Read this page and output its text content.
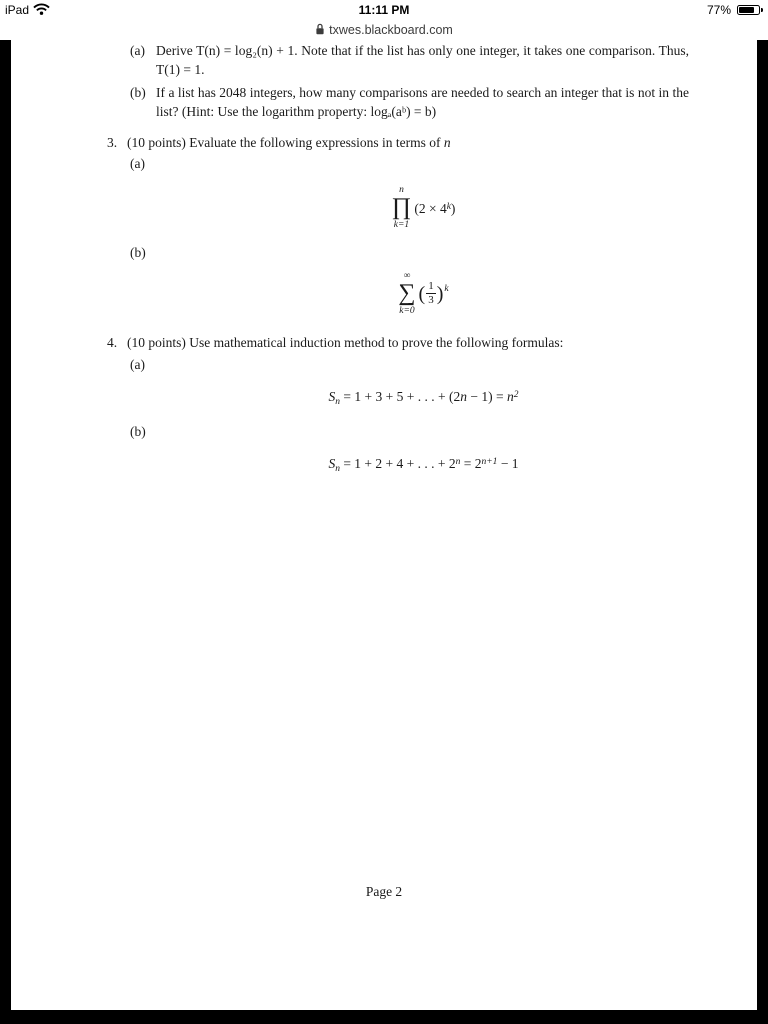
iPad	11:11 PM	77%
txwes.blackboard.com
(a) Derive T(n) = log₂(n) + 1. Note that if the list has only one integer, it takes one comparison. Thus, T(1) = 1.
(b) If a list has 2048 integers, how many comparisons are needed to search an integer that is not in the list? (Hint: Use the logarithm property: logₐ(aᵇ) = b)
3. (10 points) Evaluate the following expressions in terms of n
(a)
n
∏
k=1
$(2 \times 4^k)$
(b)
∞
∑
k=0
( $\frac{1}{3}$ ) k
4. (10 points) Use mathematical induction method to prove the following formulas:
(a)
$S_n = 1 + 3 + 5$ + . . . + $(2n - 1) = n^2$
(b)
$S_n = 1 + 2 + 4$ + . . . + $2^n = 2^{n+1} - 1$
Page 2
